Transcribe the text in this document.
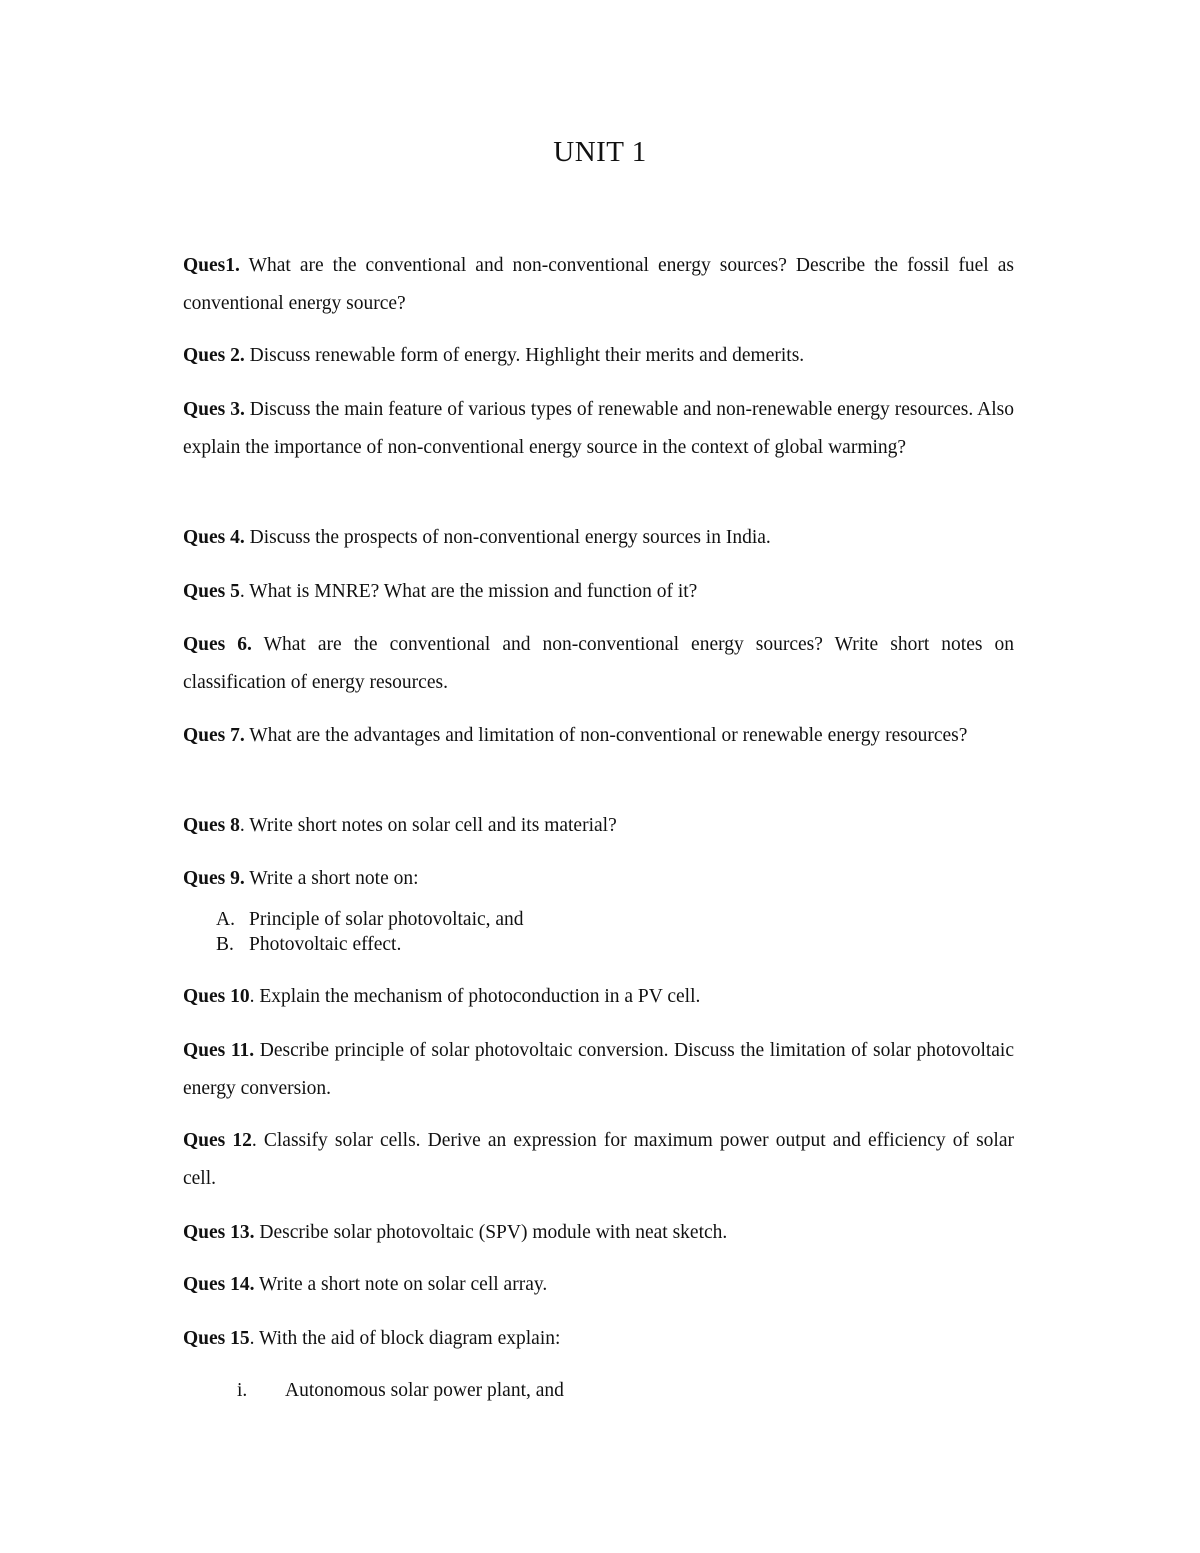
UNIT 1

Ques1. What are the conventional and non-conventional energy sources? Describe the fossil fuel as conventional energy source?

Ques 2. Discuss renewable form of energy. Highlight their merits and demerits.

Ques 3. Discuss the main feature of various types of renewable and non-renewable energy resources. Also explain the importance of non-conventional energy source in the context of global warming?

Ques 4. Discuss the prospects of non-conventional energy sources in India.

Ques 5. What is MNRE? What are the mission and function of it?

Ques 6. What are the conventional and non-conventional energy sources? Write short notes on classification of energy resources.

Ques 7. What are the advantages and limitation of non-conventional or renewable energy resources?

Ques 8. Write short notes on solar cell and its material?

Ques 9. Write a short note on:

A. Principle of solar photovoltaic, and
B. Photovoltaic effect.

Ques 10. Explain the mechanism of photoconduction in a PV cell.

Ques 11. Describe principle of solar photovoltaic conversion. Discuss the limitation of solar photovoltaic energy conversion.

Ques 12. Classify solar cells. Derive an expression for maximum power output and efficiency of solar cell.

Ques 13. Describe solar photovoltaic (SPV) module with neat sketch.

Ques 14. Write a short note on solar cell array.

Ques 15. With the aid of block diagram explain:

i. Autonomous solar power plant, and
